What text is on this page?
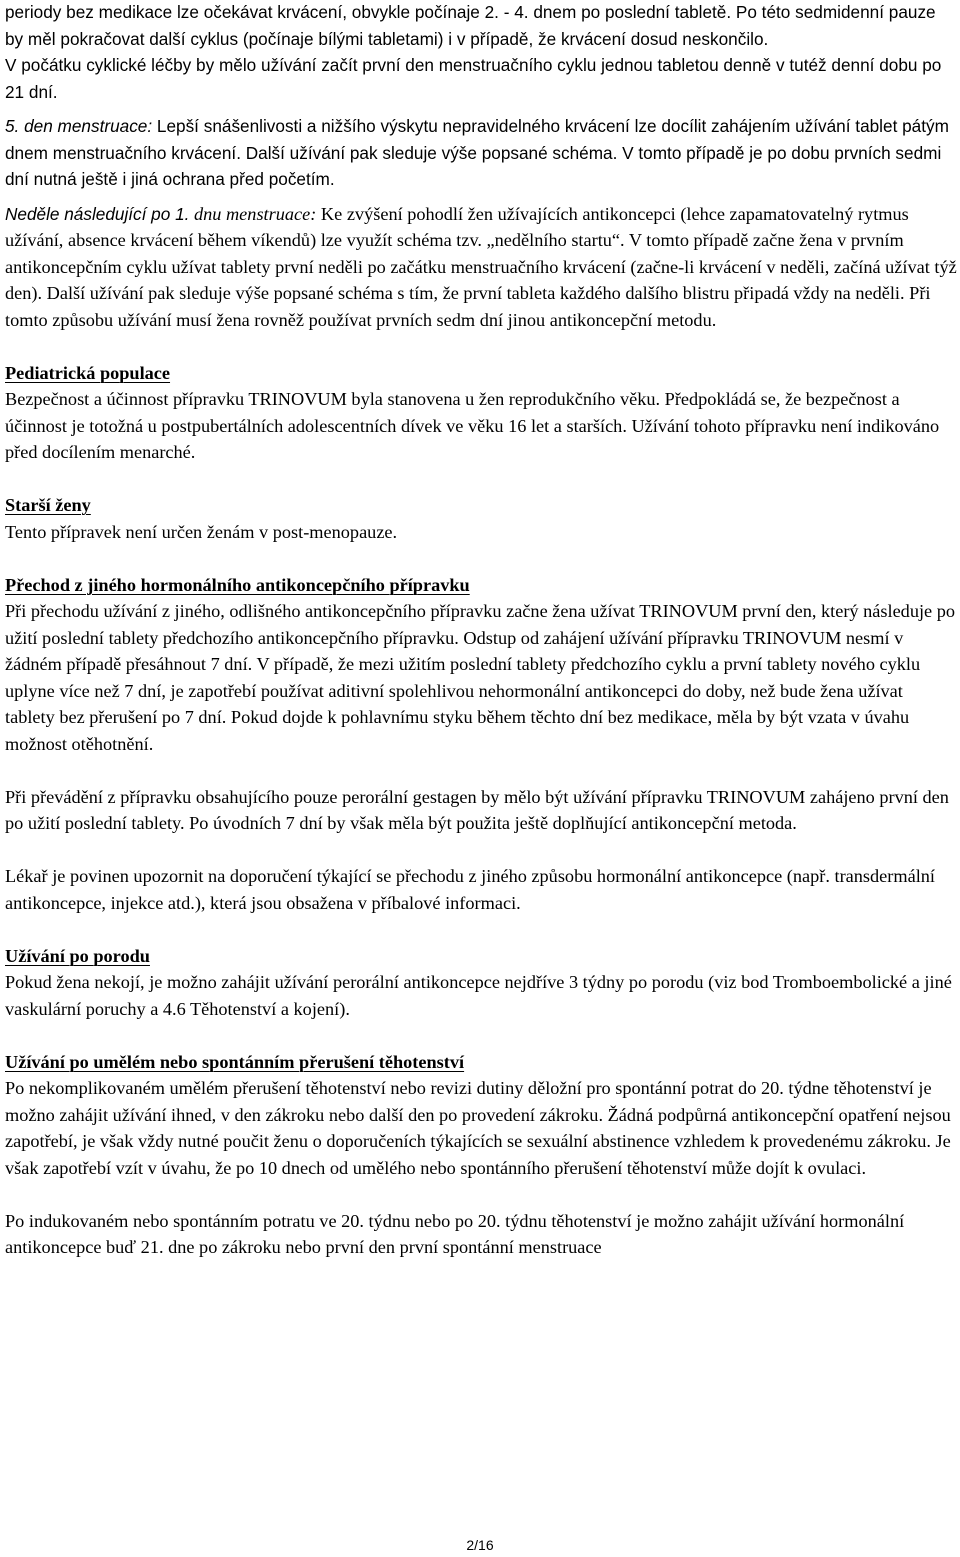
periody bez medikace lze očekávat krvácení, obvykle počínaje 2. - 4. dnem po poslední tabletě. Po této sedmidenní pauze by měl pokračovat další cyklus (počínaje bílými tabletami) i v případě, že krvácení dosud neskončilo.
V počátku cyklické léčby by mělo užívání začít první den menstruačního cyklu jednou tabletou denně v tutéž denní dobu po 21 dní.

5. den menstruace: Lepší snášenlivosti a nižšího výskytu nepravidelného krvácení lze docílit zahájením užívání tablet pátým dnem menstruačního krvácení. Další užívání pak sleduje výše popsané schéma. V tomto případě je po dobu prvních sedmi dní nutná ještě i jiná ochrana před početím.

Neděle následující po 1. dnu menstruace: Ke zvýšení pohodlí žen užívajících antikoncepci (lehce zapamatovatelný rytmus užívání, absence krvácení během víkendů) lze využít schéma tzv. „nedělního startu“. V tomto případě začne žena v prvním antikoncepčním cyklu užívat tablety první neděli po začátku menstruačního krvácení (začne-li krvácení v neděli, začíná užívat týž den). Další užívání pak sleduje výše popsané schéma s tím, že první tableta každého dalšího blistru připadá vždy na neděli. Při tomto způsobu užívání musí žena rovněž používat prvních sedm dní jinou antikoncepční metodu.

Pediatrická populace

Bezpečnost a účinnost přípravku TRINOVUM byla stanovena u žen reprodukčního věku. Předpokládá se, že bezpečnost a účinnost je totožná u postpubertálních adolescentních dívek ve věku 16 let a starších. Užívání tohoto přípravku není indikováno před docílením menarché.

Starší ženy

Tento přípravek není určen ženám v post-menopauze.

Přechod z jiného hormonálního antikoncepčního přípravku

Při přechodu užívání z jiného, odlišného antikoncepčního přípravku začne žena užívat TRINOVUM první den, který následuje po užití poslední tablety předchozího antikoncepčního přípravku. Odstup od zahájení užívání přípravku TRINOVUM nesmí v žádném případě přesáhnout 7 dní. V případě, že mezi užitím poslední tablety předchozího cyklu a první tablety nového cyklu uplyne více než 7 dní, je zapotřebí používat aditivní spolehlivou nehormonální antikoncepci do doby, než bude žena užívat tablety bez přerušení po 7 dní. Pokud dojde k pohlavnímu styku během těchto dní bez medikace, měla by být vzata v úvahu možnost otěhotnění.

Při převádění z přípravku obsahujícího pouze perorální gestagen by mělo být užívání přípravku TRINOVUM zahájeno první den po užití poslední tablety. Po úvodních 7 dní by však měla být použita ještě doplňující antikoncepční metoda.

Lékař je povinen upozornit na doporučení týkající se přechodu z jiného způsobu hormonální antikoncepce (např. transdermální antikoncepce, injekce atd.), která jsou obsažena v příbalové informaci.

Užívání po porodu

Pokud žena nekojí, je možno zahájit užívání perorální antikoncepce nejdříve 3 týdny po porodu (viz bod Tromboembolické a jiné vaskulární poruchy a 4.6 Těhotenství a kojení).

Užívání po umělém nebo spontánním přerušení těhotenství

Po nekomplikovaném umělém přerušení těhotenství nebo revizi dutiny děložní pro spontánní potrat do 20. týdne těhotenství je možno zahájit užívání ihned, v den zákroku nebo další den po provedení zákroku. Žádná podpůrná antikoncepční opatření nejsou zapotřebí, je však vždy nutné poučit ženu o doporučeních týkajících se sexuální abstinence vzhledem k provedenému zákroku. Je však zapotřebí vzít v úvahu, že po 10 dnech od umělého nebo spontánního přerušení těhotenství může dojít k ovulaci.

Po indukovaném nebo spontánním potratu ve 20. týdnu nebo po 20. týdnu těhotenství je možno zahájit užívání hormonální antikoncepce buď 21. dne po zákroku nebo první den první spontánní menstruace

2/16
